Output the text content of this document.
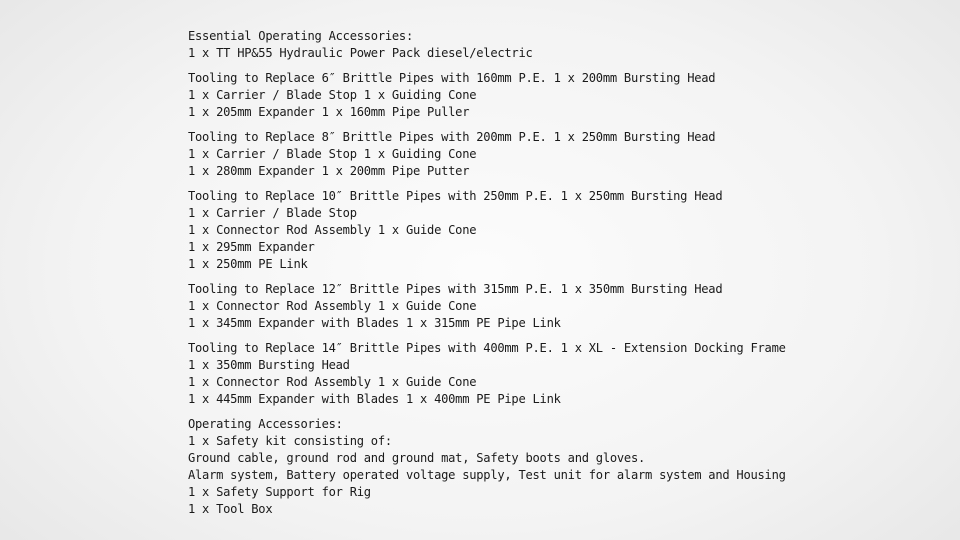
Essential Operating Accessories:
1 x TT HP&55 Hydraulic Power Pack diesel/electric
Tooling to Replace 6″ Brittle Pipes with 160mm P.E. 1 x 200mm Bursting Head
1 x Carrier / Blade Stop 1 x Guiding Cone
1 x 205mm Expander 1 x 160mm Pipe Puller
Tooling to Replace 8″ Brittle Pipes with 200mm P.E. 1 x 250mm Bursting Head
1 x Carrier / Blade Stop 1 x Guiding Cone
1 x 280mm Expander 1 x 200mm Pipe Putter
Tooling to Replace 10″ Brittle Pipes with 250mm P.E. 1 x 250mm Bursting Head
1 x Carrier / Blade Stop
1 x Connector Rod Assembly 1 x Guide Cone
1 x 295mm Expander
1 x 250mm PE Link
Tooling to Replace 12″ Brittle Pipes with 315mm P.E. 1 x 350mm Bursting Head
1 x Connector Rod Assembly 1 x Guide Cone
1 x 345mm Expander with Blades 1 x 315mm PE Pipe Link
Tooling to Replace 14″ Brittle Pipes with 400mm P.E. 1 x XL - Extension Docking Frame
1 x 350mm Bursting Head
1 x Connector Rod Assembly 1 x Guide Cone
1 x 445mm Expander with Blades 1 x 400mm PE Pipe Link
Operating Accessories:
1 x Safety kit consisting of:
Ground cable, ground rod and ground mat, Safety boots and gloves.
Alarm system, Battery operated voltage supply, Test unit for alarm system and Housing
1 x Safety Support for Rig
1 x Tool Box
